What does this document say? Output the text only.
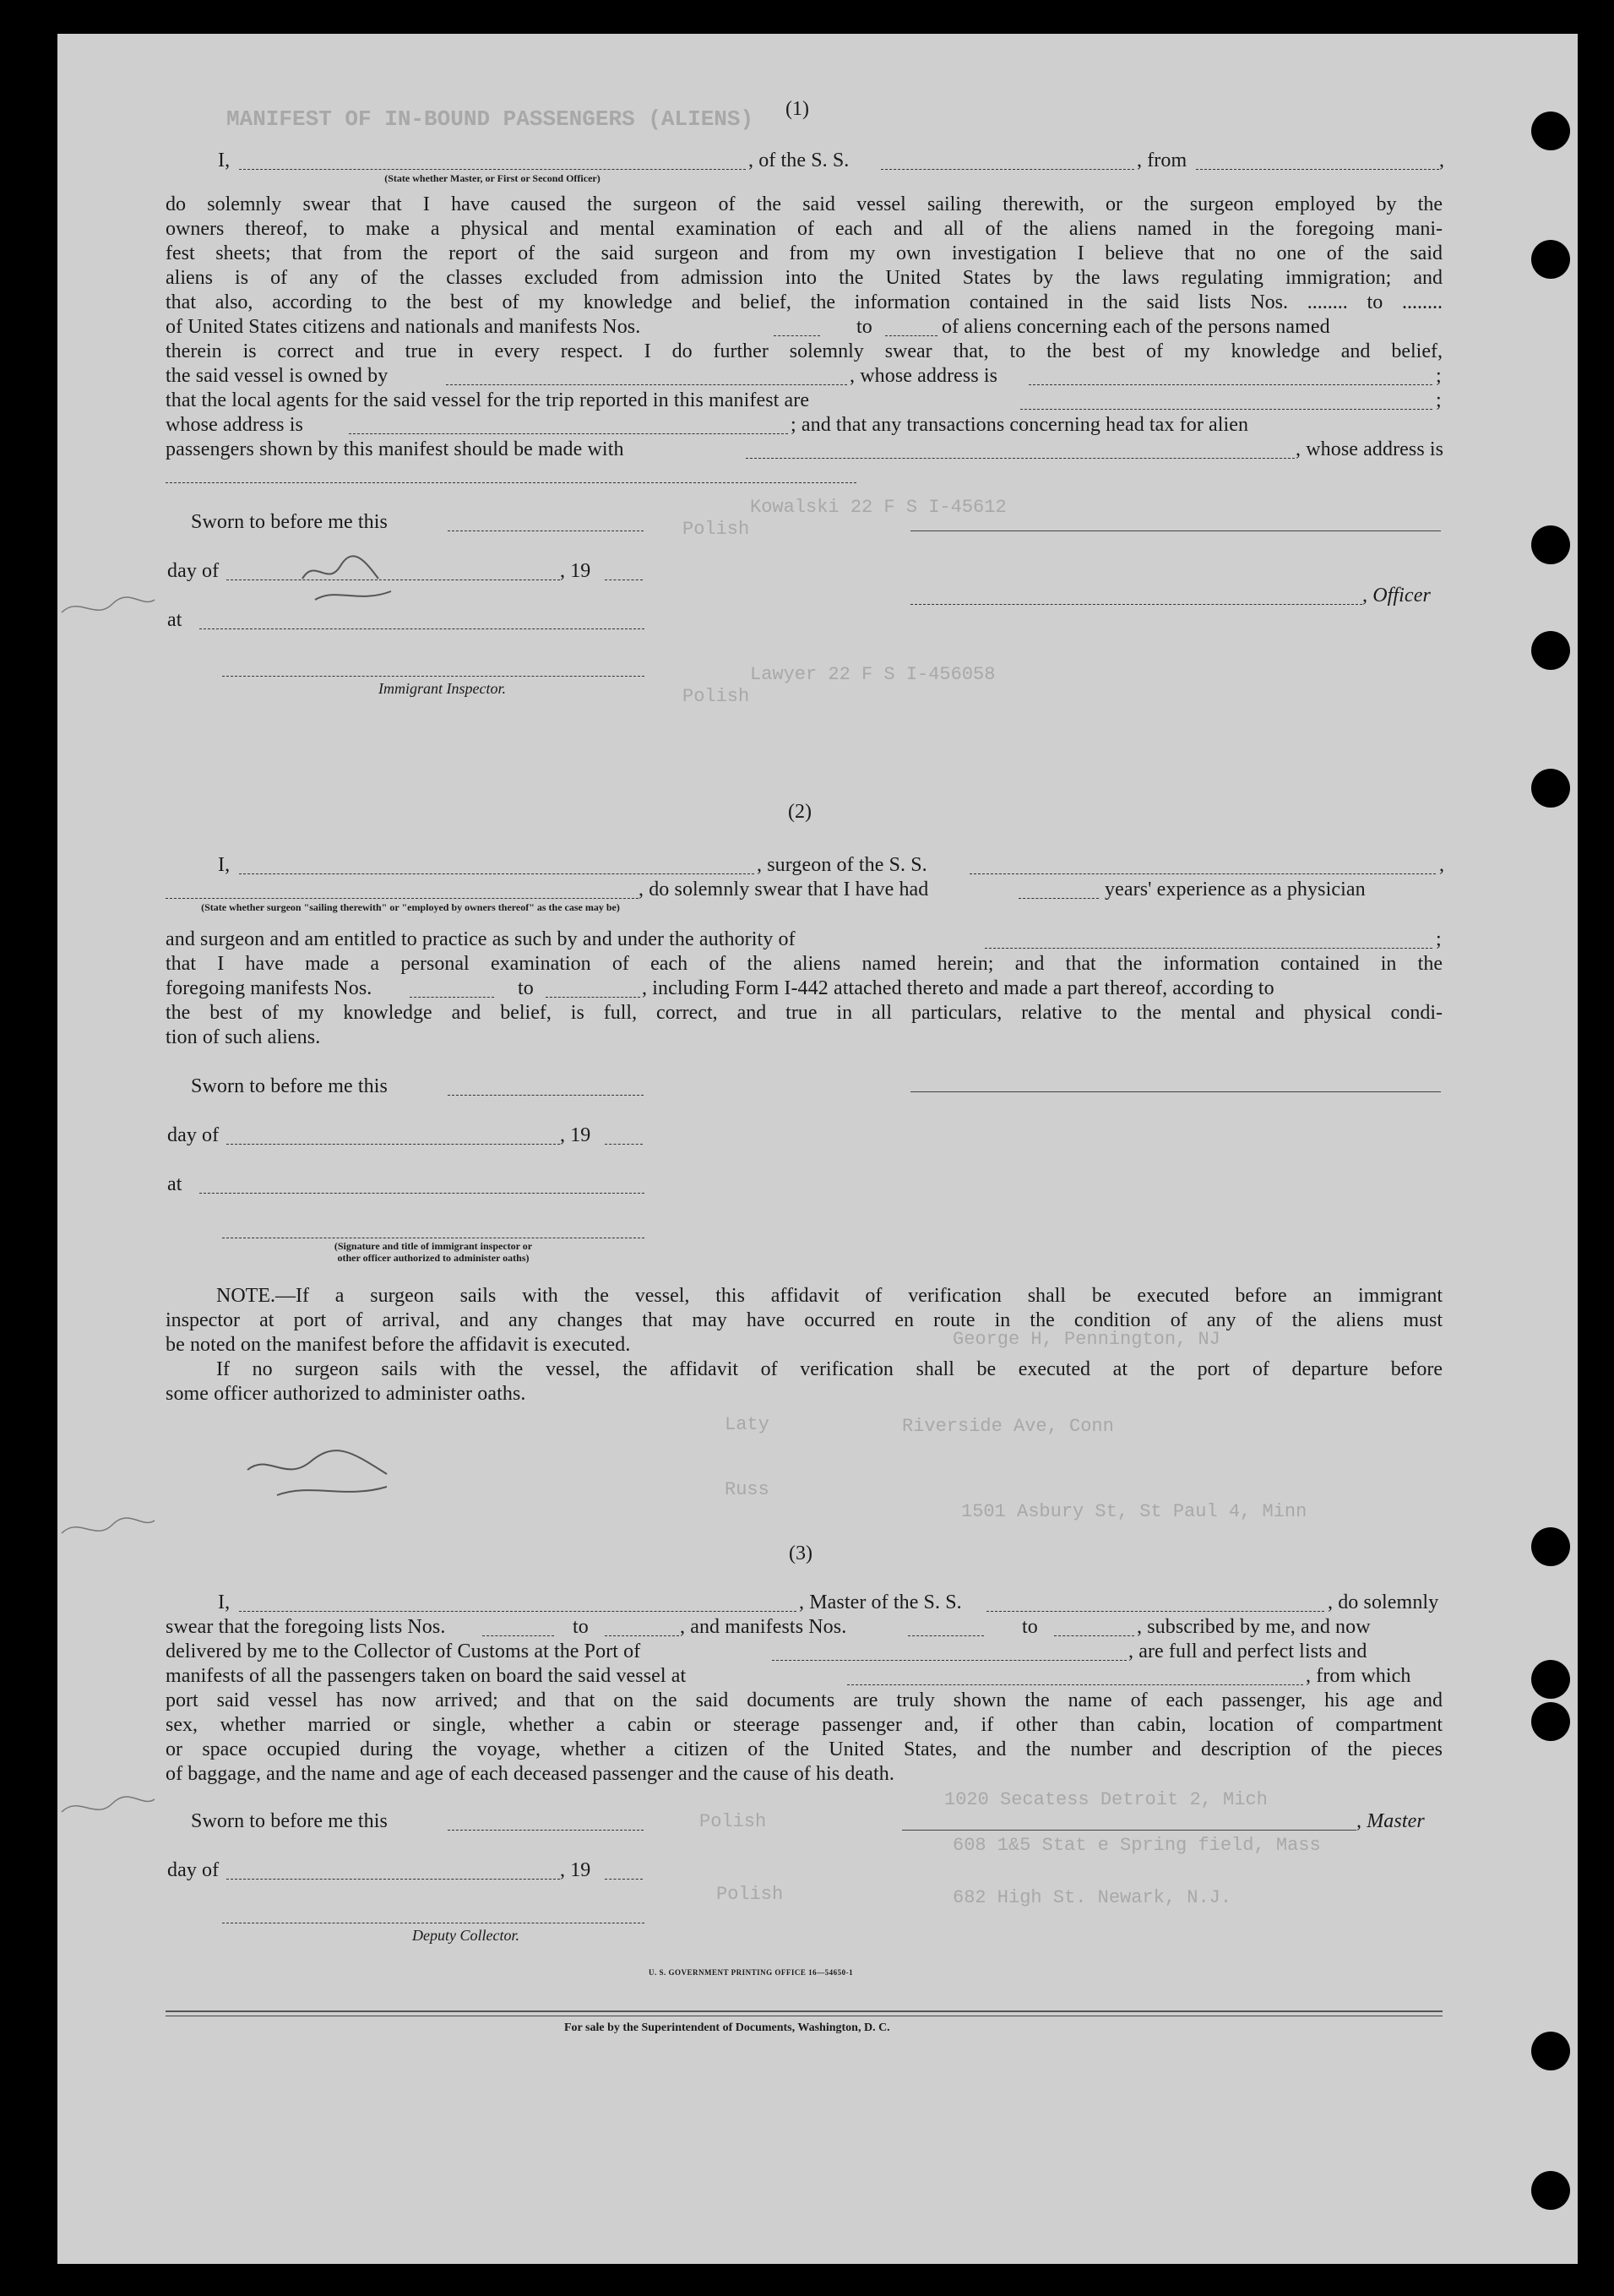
MANIFEST OF IN-BOUND PASSENGERS (ALIENS)
Kowalski 22 F S I-45612
Polish
Lawyer 22 F S I-456058
Polish
Riverside Ave, Conn
1501 Asbury St, St Paul 4, Minn
George H, Pennington, NJ
1020 Secatess Detroit 2, Mich
608 1&5 Stat e Spring field, Mass
682 High St. Newark, N.J.
Polish
Laty
Russ
Polish
(1)
I,	, of the S. S.	, from	,
(State whether Master, or First or Second Officer)
do solemnly swear that I have caused the surgeon of the said vessel sailing therewith, or the surgeon employed by the
owners thereof, to make a physical and mental examination of each and all of the aliens named in the foregoing mani-
fest sheets; that from the report of the said surgeon and from my own investigation I believe that no one of the said
aliens is of any of the classes excluded from admission into the United States by the laws regulating immigration; and
that also, according to the best of my knowledge and belief, the information contained in the said lists Nos. ........ to ........
of United States citizens and nationals and manifests Nos.	to	of aliens concerning each of the persons named
therein is correct and true in every respect. I do further solemnly swear that, to the best of my knowledge and belief,
the said vessel is owned by	, whose address is	;
that the local agents for the said vessel for the trip reported in this manifest are	;
whose address is	; and that any transactions concerning head tax for alien
passengers shown by this manifest should be made with	, whose address is
Sworn to before me this
day of	, 19
, Officer
at
Immigrant Inspector.
(2)
I,	, surgeon of the S. S.	,
, do solemnly swear that I have had	years' experience as a physician
(State whether surgeon "sailing therewith" or "employed by owners thereof" as the case may be)
and surgeon and am entitled to practice as such by and under the authority of	;
that I have made a personal examination of each of the aliens named herein; and that the information contained in the
foregoing manifests Nos.	to	, including Form I-442 attached thereto and made a part thereof, according to
the best of my knowledge and belief, is full, correct, and true in all particulars, relative to the mental and physical condi-
tion of such aliens.
Sworn to before me this
day of	, 19
at
(Signature and title of immigrant inspector or
other officer authorized to administer oaths)
NOTE.—If a surgeon sails with the vessel, this affidavit of verification shall be executed before an immigrant
inspector at port of arrival, and any changes that may have occurred en route in the condition of any of the aliens must
be noted on the manifest before the affidavit is executed.
If no surgeon sails with the vessel, the affidavit of verification shall be executed at the port of departure before
some officer authorized to administer oaths.
(3)
I,	, Master of the S. S.	, do solemnly
swear that the foregoing lists Nos.	to	, and manifests Nos.	to	, subscribed by me, and now
delivered by me to the Collector of Customs at the Port of	, are full and perfect lists and
manifests of all the passengers taken on board the said vessel at	, from which
port said vessel has now arrived; and that on the said documents are truly shown the name of each passenger, his age and
sex, whether married or single, whether a cabin or steerage passenger and, if other than cabin, location of compartment
or space occupied during the voyage, whether a citizen of the United States, and the number and description of the pieces
of baggage, and the name and age of each deceased passenger and the cause of his death.
Sworn to before me this	, Master
day of	, 19
Deputy Collector.
U. S. GOVERNMENT PRINTING OFFICE 16—54650-1
For sale by the Superintendent of Documents, Washington, D. C.
